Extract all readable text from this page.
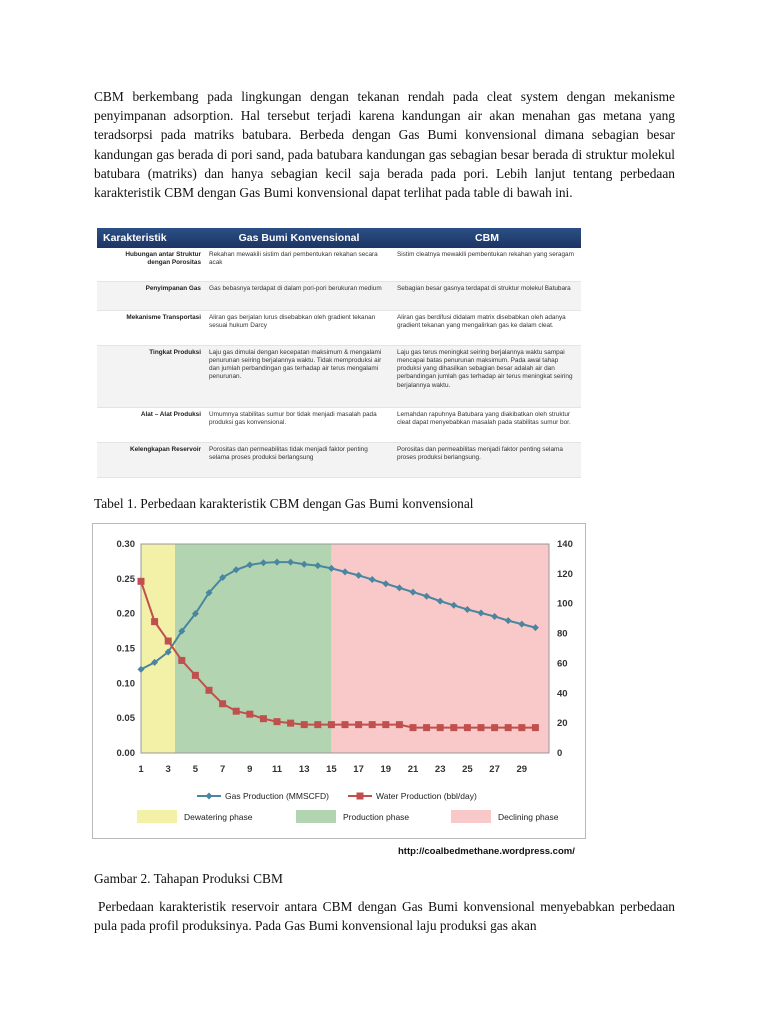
CBM berkembang pada lingkungan dengan tekanan rendah pada cleat system dengan mekanisme penyimpanan adsorption. Hal tersebut terjadi karena kandungan air akan menahan gas metana yang teradsorpsi pada matriks batubara. Berbeda dengan Gas Bumi konvensional dimana sebagian besar kandungan gas berada di pori sand, pada batubara kandungan gas sebagian besar berada di struktur molekul batubara (matriks) dan hanya sebagian kecil saja berada pada pori. Lebih lanjut tentang perbedaan karakteristik CBM dengan Gas Bumi konvensional dapat terlihat pada table di bawah ini.

Karakteristik	Gas Bumi Konvensional	CBM
Hubungan antar Struktur dengan Porositas	Rekahan mewakili sistim dari pembentukan rekahan secara acak	Sistim cleatnya mewakili pembentukan rekahan yang seragam
Penyimpanan Gas	Gas bebasnya terdapat di dalam pori-pori berukuran medium	Sebagian besar gasnya terdapat di struktur molekul Batubara
Mekanisme Transportasi	Aliran gas berjalan lurus disebabkan oleh gradient tekanan sesuai hukum Darcy	Aliran gas berdifusi didalam matrix disebabkan oleh adanya gradient tekanan yang mengalirkan gas ke dalam cleat.
Tingkat Produksi	Laju gas dimulai dengan kecepatan maksimum & mengalami penurunan seiring berjalannya waktu. Tidak memproduksi air dan jumlah perbandingan gas terhadap air terus mengalami penurunan.	Laju gas terus meningkat seiring berjalannya waktu sampai mencapai batas penurunan maksimum. Pada awal tahap produksi yang dihasilkan sebagian besar adalah air dan perbandingan jumlah gas terhadap air terus meningkat seiring berjalannya waktu.
Alat – Alat Produksi	Umumnya stabilitas sumur bor tidak menjadi masalah pada produksi gas konvensional.	Lemahdan rapuhnya Batubara yang diakibatkan oleh struktur cleat dapat menyebabkan masalah pada stabilitas sumur bor.
Kelengkapan Reservoir	Porositas dan permeabilitas tidak menjadi faktor penting selama proses produksi berlangsung	Porositas dan permeabilitas menjadi faktor penting selama proses produksi berlangsung.

Tabel 1. Perbedaan karakteristik CBM dengan Gas Bumi konvensional

0.00
0.05
0.10
0.15
0.20
0.25
0.30
0
20
40
60
80
100
120
140
1 3 5 7 9 11 13 15 17 19 21 23 25 27 29
Gas Production (MMSCFD)	Water Production (bbl/day)
Dewatering phase	Production phase	Declining phase

http://coalbedmethane.wordpress.com/

Gambar 2. Tahapan Produksi CBM

Perbedaan karakteristik reservoir antara CBM dengan Gas Bumi konvensional menyebabkan perbedaan pula pada profil produksinya. Pada Gas Bumi konvensional laju produksi gas akan
